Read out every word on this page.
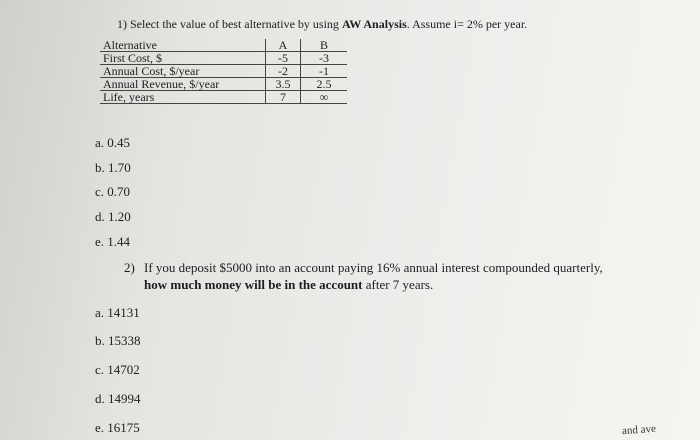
1) Select the value of best alternative by using AW Analysis. Assume i= 2% per year.
Alternative	A	B
First Cost, $	-5	-3
Annual Cost, $/year	-2	-1
Annual Revenue, $/year	3.5	2.5
Life, years	7	∞
a. 0.45
b. 1.70
c. 0.70
d. 1.20
e. 1.44
2) If you deposit $5000 into an account paying 16% annual interest compounded quarterly,
how much money will be in the account after 7 years.
a. 14131
b. 15338
c. 14702
d. 14994
e. 16175	and ave
